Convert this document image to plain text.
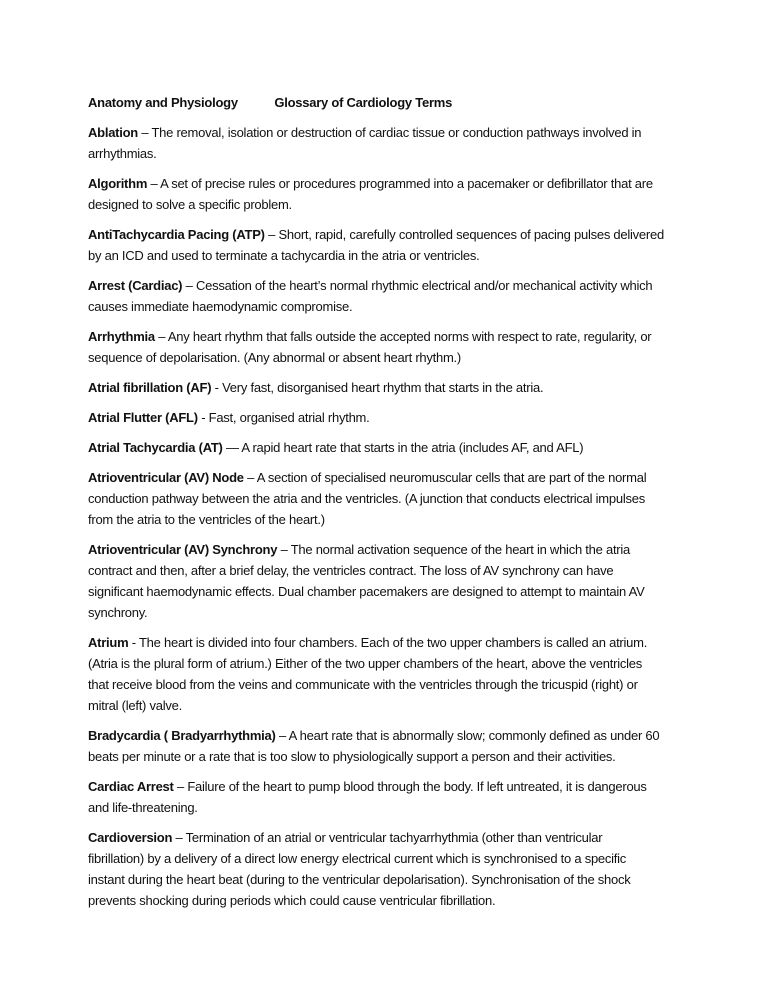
Anatomy and Physiology	Glossary of Cardiology Terms
Ablation – The removal, isolation or destruction of cardiac tissue or conduction pathways involved in
arrhythmias.
Algorithm – A set of precise rules or procedures programmed into a pacemaker or defibrillator that are
designed to solve a specific problem.
AntiTachycardia Pacing (ATP) – Short, rapid, carefully controlled sequences of pacing pulses delivered
by an ICD and used to terminate a tachycardia in the atria or ventricles.
Arrest (Cardiac) – Cessation of the heart’s normal rhythmic electrical and/or mechanical activity which
causes immediate haemodynamic compromise.
Arrhythmia – Any heart rhythm that falls outside the accepted norms with respect to rate, regularity, or
sequence of depolarisation. (Any abnormal or absent heart rhythm.)
Atrial fibrillation (AF) - Very fast, disorganised heart rhythm that starts in the atria.
Atrial Flutter (AFL) - Fast, organised atrial rhythm.
Atrial Tachycardia (AT) — A rapid heart rate that starts in the atria (includes AF, and AFL)
Atrioventricular (AV) Node – A section of specialised neuromuscular cells that are part of the normal
conduction pathway between the atria and the ventricles. (A junction that conducts electrical impulses
from the atria to the ventricles of the heart.)
Atrioventricular (AV) Synchrony – The normal activation sequence of the heart in which the atria
contract and then, after a brief delay, the ventricles contract. The loss of AV synchrony can have
significant haemodynamic effects. Dual chamber pacemakers are designed to attempt to maintain AV
synchrony.
Atrium - The heart is divided into four chambers. Each of the two upper chambers is called an atrium.
(Atria is the plural form of atrium.) Either of the two upper chambers of the heart, above the ventricles
that receive blood from the veins and communicate with the ventricles through the tricuspid (right) or
mitral (left) valve.
Bradycardia ( Bradyarrhythmia) – A heart rate that is abnormally slow; commonly defined as under 60
beats per minute or a rate that is too slow to physiologically support a person and their activities.
Cardiac Arrest – Failure of the heart to pump blood through the body. If left untreated, it is dangerous
and life-threatening.
Cardioversion – Termination of an atrial or ventricular tachyarrhythmia (other than ventricular
fibrillation) by a delivery of a direct low energy electrical current which is synchronised to a specific
instant during the heart beat (during to the ventricular depolarisation). Synchronisation of the shock
prevents shocking during periods which could cause ventricular fibrillation.
